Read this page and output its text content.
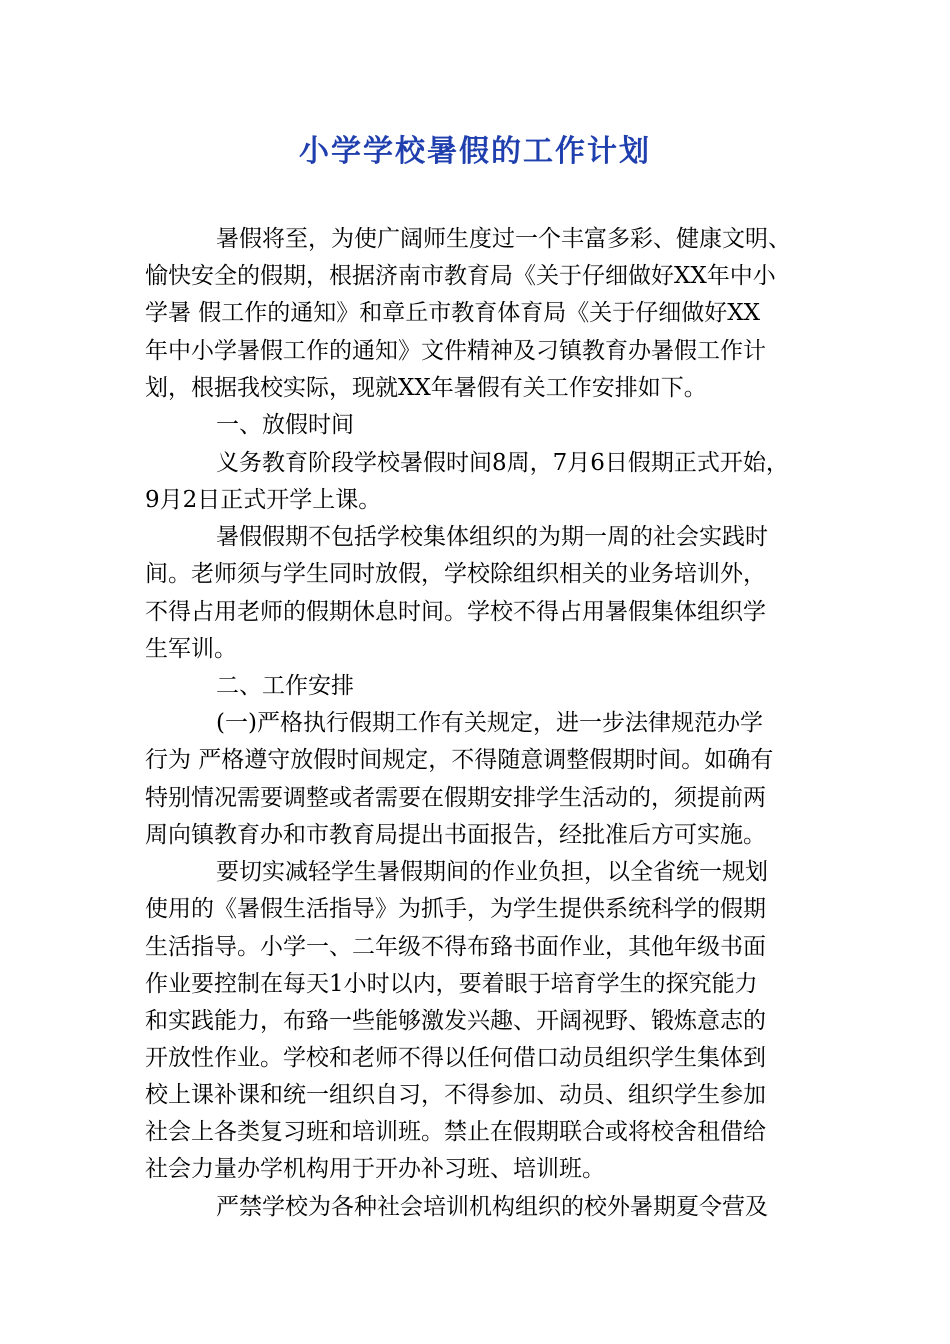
小学学校暑假的工作计划

暑假将至，为使广阔师生度过一个丰富多彩、健康文明、

愉快安全的假期，根据济南市教育局《关于仔细做好XX年中小

学暑 假工作的通知》和章丘市教育体育局《关于仔细做好XX

年中小学暑假工作的通知》文件精神及刁镇教育办暑假工作计

划，根据我校实际，现就XX年暑假有关工作安排如下。

一、放假时间

义务教育阶段学校暑假时间8周，7月6日假期正式开始，

9月2日正式开学上课。

暑假假期不包括学校集体组织的为期一周的社会实践时

间。老师须与学生同时放假，学校除组织相关的业务培训外，

不得占用老师的假期休息时间。学校不得占用暑假集体组织学

生军训。

二、工作安排

(一)严格执行假期工作有关规定，进一步法律规范办学

行为 严格遵守放假时间规定，不得随意调整假期时间。如确有

特别情况需要调整或者需要在假期安排学生活动的，须提前两

周向镇教育办和市教育局提出书面报告，经批准后方可实施。

要切实减轻学生暑假期间的作业负担，以全省统一规划

使用的《暑假生活指导》为抓手，为学生提供系统科学的假期

生活指导。小学一、二年级不得布臵书面作业，其他年级书面

作业要控制在每天1小时以内，要着眼于培育学生的探究能力

和实践能力，布臵一些能够激发兴趣、开阔视野、锻炼意志的

开放性作业。学校和老师不得以任何借口动员组织学生集体到

校上课补课和统一组织自习，不得参加、动员、组织学生参加

社会上各类复习班和培训班。禁止在假期联合或将校舍租借给

社会力量办学机构用于开办补习班、培训班。

严禁学校为各种社会培训机构组织的校外暑期夏令营及
